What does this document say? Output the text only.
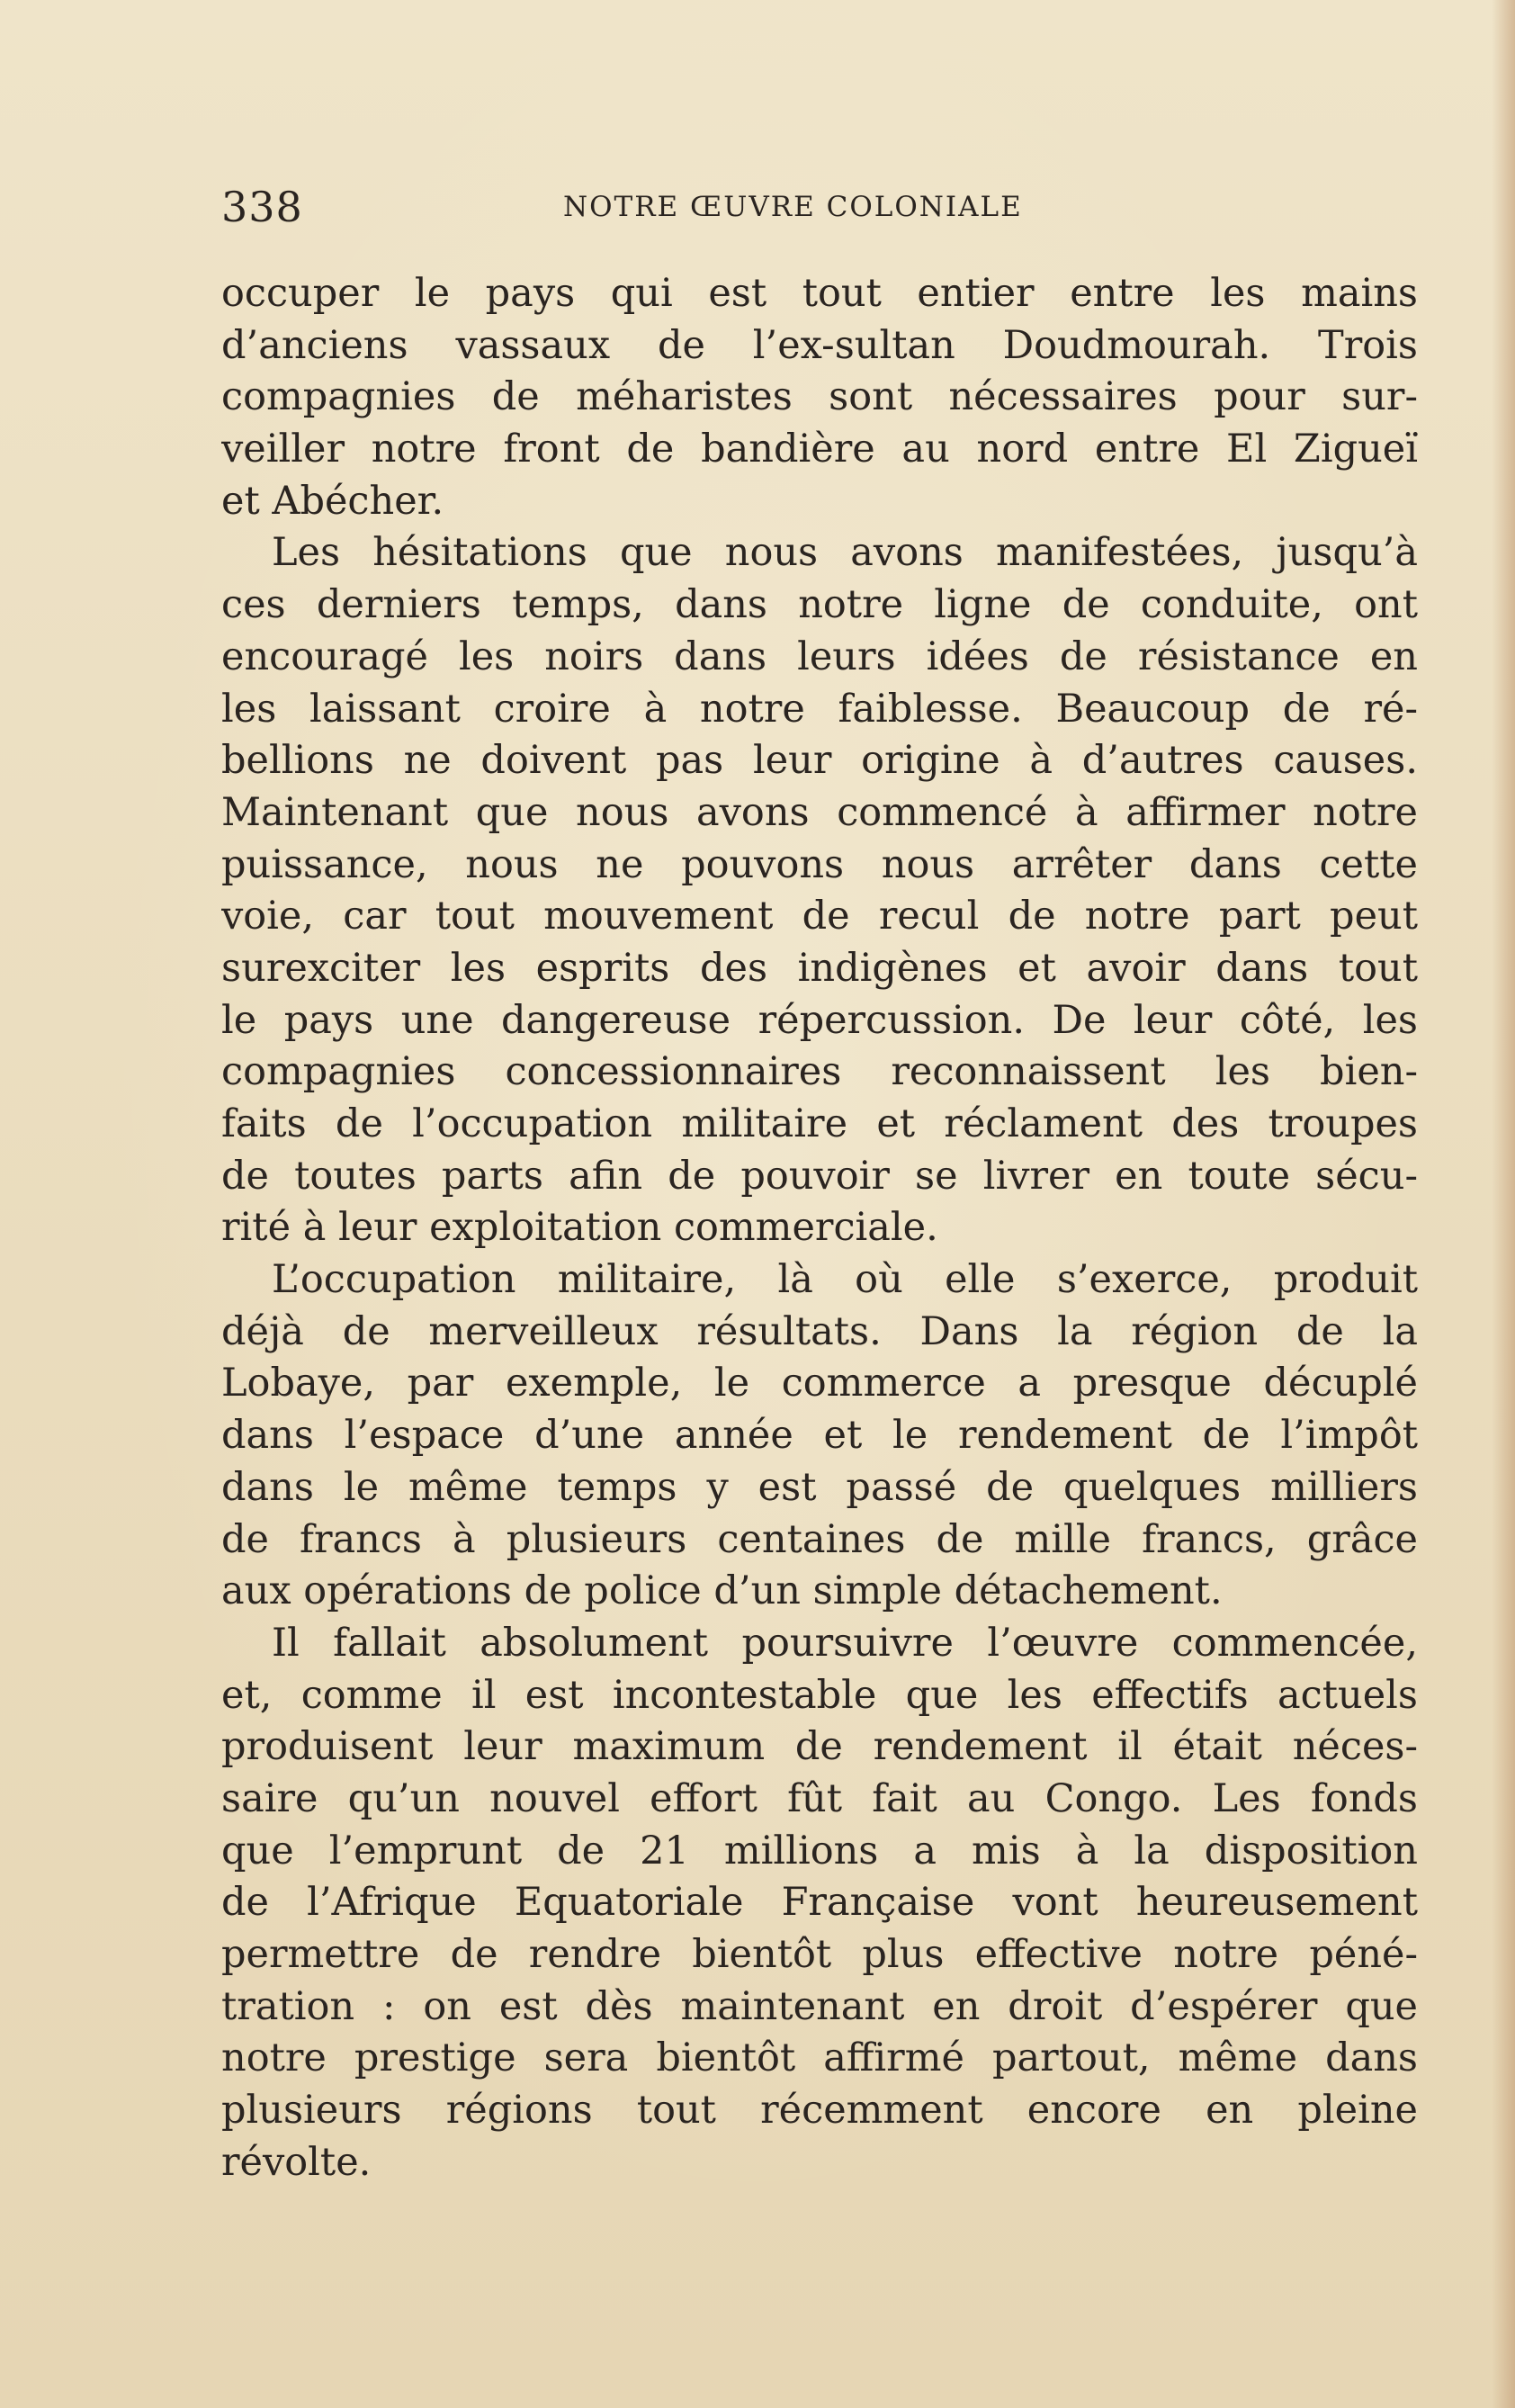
338	NOTRE ŒUVRE COLONIALE
occuper le pays qui est tout entier entre les mains
d’anciens vassaux de l’ex-sultan Doudmourah. Trois
compagnies de méharistes sont nécessaires pour sur-
veiller notre front de bandière au nord entre El Zigueï
et Abécher.
Les hésitations que nous avons manifestées, jusqu’à
ces derniers temps, dans notre ligne de conduite, ont
encouragé les noirs dans leurs idées de résistance en
les laissant croire à notre faiblesse. Beaucoup de ré-
bellions ne doivent pas leur origine à d’autres causes.
Maintenant que nous avons commencé à affirmer notre
puissance, nous ne pouvons nous arrêter dans cette
voie, car tout mouvement de recul de notre part peut
surexciter les esprits des indigènes et avoir dans tout
le pays une dangereuse répercussion. De leur côté, les
compagnies concessionnaires reconnaissent les bien-
faits de l’occupation militaire et réclament des troupes
de toutes parts afin de pouvoir se livrer en toute sécu-
rité à leur exploitation commerciale.
L’occupation militaire, là où elle s’exerce, produit
déjà de merveilleux résultats. Dans la région de la
Lobaye, par exemple, le commerce a presque décuplé
dans l’espace d’une année et le rendement de l’impôt
dans le même temps y est passé de quelques milliers
de francs à plusieurs centaines de mille francs, grâce
aux opérations de police d’un simple détachement.
Il fallait absolument poursuivre l’œuvre commencée,
et, comme il est incontestable que les effectifs actuels
produisent leur maximum de rendement il était néces-
saire qu’un nouvel effort fût fait au Congo. Les fonds
que l’emprunt de 21 millions a mis à la disposition
de l’Afrique Equatoriale Française vont heureusement
permettre de rendre bientôt plus effective notre péné-
tration : on est dès maintenant en droit d’espérer que
notre prestige sera bientôt affirmé partout, même dans
plusieurs régions tout récemment encore en pleine
révolte.
